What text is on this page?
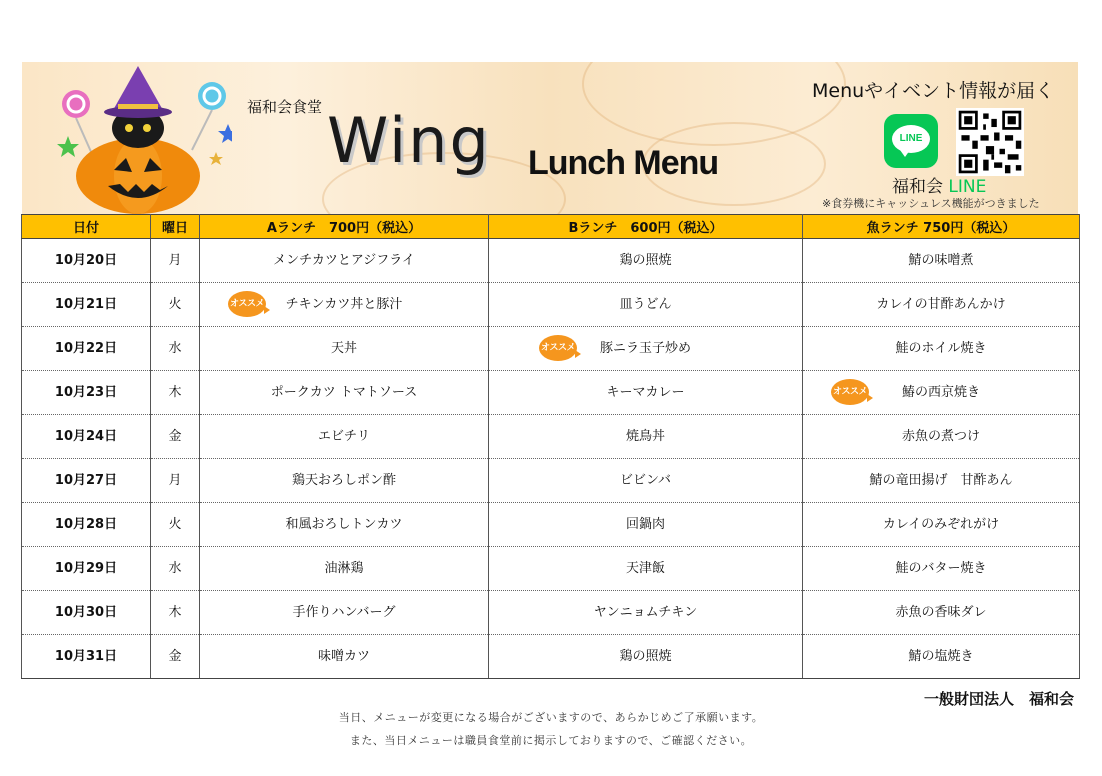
福和会食堂 Wing Lunch Menu
Menuやイベント情報が届く
LINE
福和会 LINE
※食券機にキャッシュレス機能がつきました
日付	曜日	Aランチ　700円（税込）	Bランチ　600円（税込）	魚ランチ 750円（税込）

10月20日	月	メンチカツとアジフライ	鶏の照焼	鯖の味噌煮

10月21日	火	オススメ チキンカツ丼と豚汁	皿うどん	カレイの甘酢あんかけ

10月22日	水	天丼	オススメ 豚ニラ玉子炒め	鮭のホイル焼き

10月23日	木	ポークカツ トマトソース	キーマカレー	オススメ 鰆の西京焼き

10月24日	金	エビチリ	焼鳥丼	赤魚の煮つけ

10月27日	月	鶏天おろしポン酢	ビビンバ	鯖の竜田揚げ　甘酢あん

10月28日	火	和風おろしトンカツ	回鍋肉	カレイのみぞれがけ

10月29日	水	油淋鶏	天津飯	鮭のバター焼き

10月30日	木	手作りハンバーグ	ヤンニョムチキン	赤魚の香味ダレ

10月31日	金	味噌カツ	鶏の照焼	鯖の塩焼き
一般財団法人　福和会
当日、メニューが変更になる場合がございますので、あらかじめご了承願います。
また、当日メニューは職員食堂前に掲示しておりますので、ご確認ください。
